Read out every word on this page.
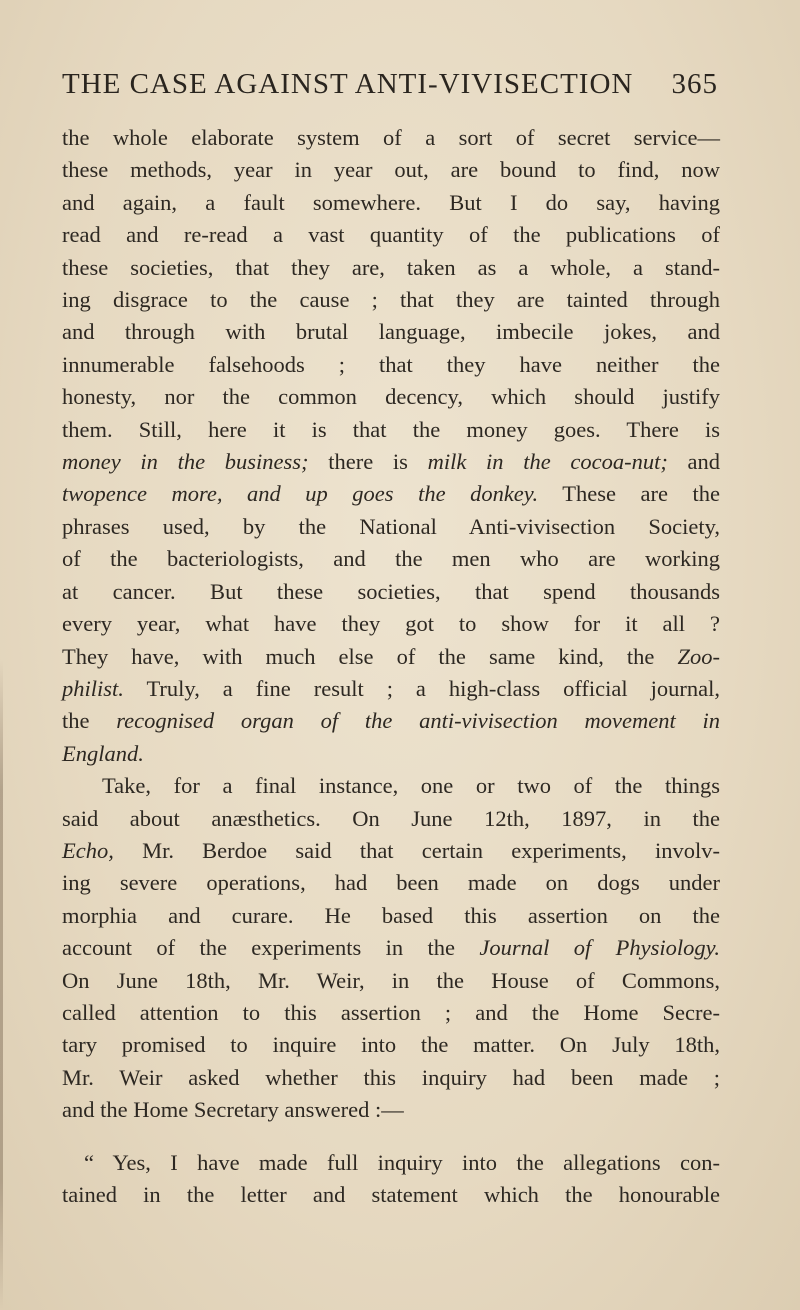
THE CASE AGAINST ANTI-VIVISECTION 365
the whole elaborate system of a sort of secret service—
these methods, year in year out, are bound to find, now
and again, a fault somewhere. But I do say, having
read and re-read a vast quantity of the publications of
these societies, that they are, taken as a whole, a stand-
ing disgrace to the cause ; that they are tainted through
and through with brutal language, imbecile jokes, and
innumerable falsehoods ; that they have neither the
honesty, nor the common decency, which should justify
them. Still, here it is that the money goes. There is
money in the business; there is milk in the cocoa-nut; and
twopence more, and up goes the donkey. These are the
phrases used, by the National Anti-vivisection Society,
of the bacteriologists, and the men who are working
at cancer. But these societies, that spend thousands
every year, what have they got to show for it all ?
They have, with much else of the same kind, the Zoo-
philist. Truly, a fine result ; a high-class official journal,
the recognised organ of the anti-vivisection movement in
England.
Take, for a final instance, one or two of the things
said about anæsthetics. On June 12th, 1897, in the
Echo, Mr. Berdoe said that certain experiments, involv-
ing severe operations, had been made on dogs under
morphia and curare. He based this assertion on the
account of the experiments in the Journal of Physiology.
On June 18th, Mr. Weir, in the House of Commons,
called attention to this assertion ; and the Home Secre-
tary promised to inquire into the matter. On July 18th,
Mr. Weir asked whether this inquiry had been made ;
and the Home Secretary answered :—
“ Yes, I have made full inquiry into the allegations con-
tained in the letter and statement which the honourable
